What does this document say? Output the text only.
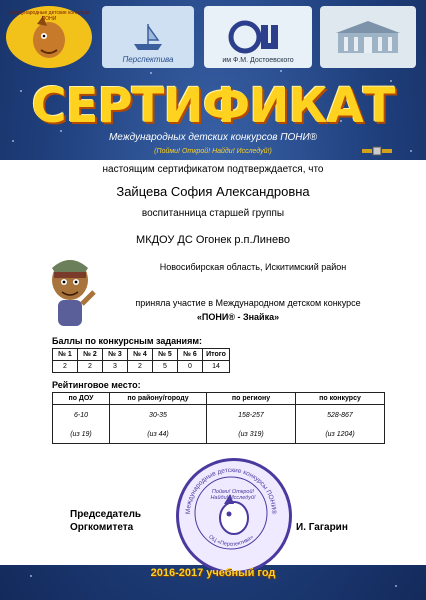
Международные детские конкурсы ПОНИ
Перспектива	им Ф.М. Достоевского
СЕРТИФИКАТ
Международных детских конкурсов ПОНИ®
(Пойми! Открой! Найди! Исследуй!)
настоящим сертификатом подтверждается, что
Зайцева София Александровна
воспитанница старшей группы
МКДОУ ДС Огонек р.п.Линево
Новосибирская область, Искитимский район
приняла участие в Международном детском конкурсе
«ПОНИ® - Знайка»
Баллы по конкурсным заданиям:
№ 1	№ 2	№ 3	№ 4	№ 5	№ 6	Итого
2	2	3	2	5	0	14
Рейтинговое место:
по ДОУ	по району/городу	по региону	по конкурсу
6-10	30-35	158-257	528-867
(из 19)	(из 44)	(из 319)	(из 1204)
Международные детские конкурсы ПОНИ®
ОЦ «Перспектива»
Пойми! Открой! Найди! Исследуй!
Председатель
Оргкомитета	И. Гагарин
2016-2017 учебный год
